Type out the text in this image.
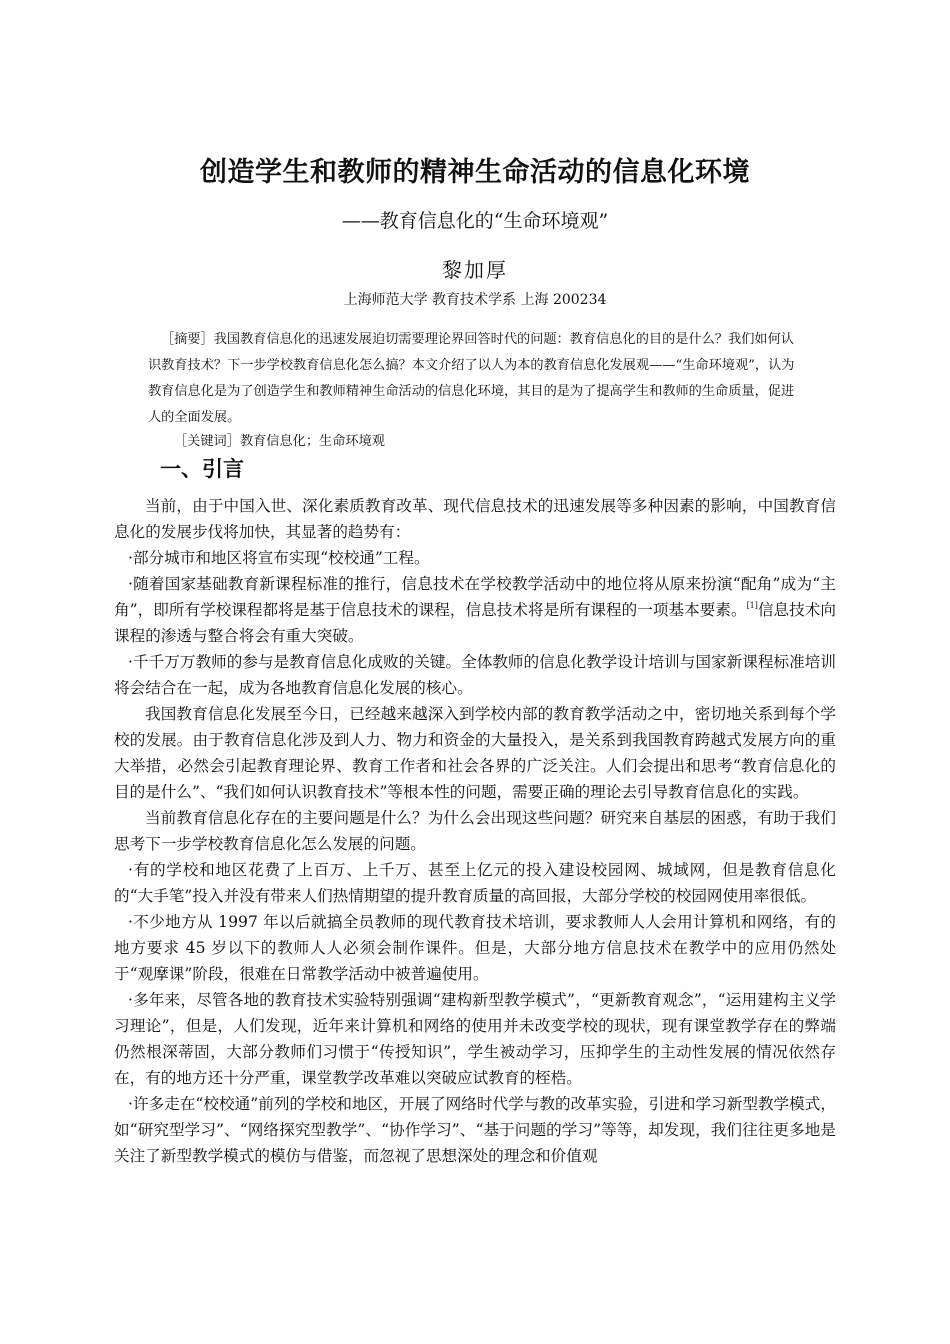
创造学生和教师的精神生命活动的信息化环境
——教育信息化的“生命环境观”
黎加厚
上海师范大学 教育技术学系 上海 200234

［摘要］我国教育信息化的迅速发展迫切需要理论界回答时代的问题：教育信息化的目的是什么？我们如何认识教育技术？下一步学校教育信息化怎么搞？本文介绍了以人为本的教育信息化发展观——“生命环境观”，认为教育信息化是为了创造学生和教师精神生命活动的信息化环境，其目的是为了提高学生和教师的生命质量，促进人的全面发展。

［关键词］教育信息化；生命环境观

一、引言

当前，由于中国入世、深化素质教育改革、现代信息技术的迅速发展等多种因素的影响，中国教育信息化的发展步伐将加快，其显著的趋势有：

·部分城市和地区将宣布实现“校校通”工程。

·随着国家基础教育新课程标准的推行，信息技术在学校教学活动中的地位将从原来扮演“配角”成为“主角”，即所有学校课程都将是基于信息技术的课程，信息技术将是所有课程的一项基本要素。[1]信息技术向课程的渗透与整合将会有重大突破。

·千千万万教师的参与是教育信息化成败的关键。全体教师的信息化教学设计培训与国家新课程标准培训将会结合在一起，成为各地教育信息化发展的核心。

我国教育信息化发展至今日，已经越来越深入到学校内部的教育教学活动之中，密切地关系到每个学校的发展。由于教育信息化涉及到人力、物力和资金的大量投入，是关系到我国教育跨越式发展方向的重大举措，必然会引起教育理论界、教育工作者和社会各界的广泛关注。人们会提出和思考“教育信息化的目的是什么”、“我们如何认识教育技术”等根本性的问题，需要正确的理论去引导教育信息化的实践。

当前教育信息化存在的主要问题是什么？为什么会出现这些问题？研究来自基层的困惑，有助于我们思考下一步学校教育信息化怎么发展的问题。

·有的学校和地区花费了上百万、上千万、甚至上亿元的投入建设校园网、城域网，但是教育信息化的“大手笔”投入并没有带来人们热情期望的提升教育质量的高回报，大部分学校的校园网使用率很低。

·不少地方从 1997 年以后就搞全员教师的现代教育技术培训，要求教师人人会用计算机和网络，有的地方要求 45 岁以下的教师人人必须会制作课件。但是，大部分地方信息技术在教学中的应用仍然处于“观摩课”阶段，很难在日常教学活动中被普遍使用。

·多年来，尽管各地的教育技术实验特别强调“建构新型教学模式”，“更新教育观念”，“运用建构主义学习理论”，但是，人们发现，近年来计算机和网络的使用并未改变学校的现状，现有课堂教学存在的弊端仍然根深蒂固，大部分教师们习惯于“传授知识”，学生被动学习，压抑学生的主动性发展的情况依然存在，有的地方还十分严重，课堂教学改革难以突破应试教育的桎梏。

·许多走在“校校通”前列的学校和地区，开展了网络时代学与教的改革实验，引进和学习新型教学模式，如“研究型学习”、“网络探究型教学”、“协作学习”、“基于问题的学习”等等，却发现，我们往往更多地是关注了新型教学模式的模仿与借鉴，而忽视了思想深处的理念和价值观
